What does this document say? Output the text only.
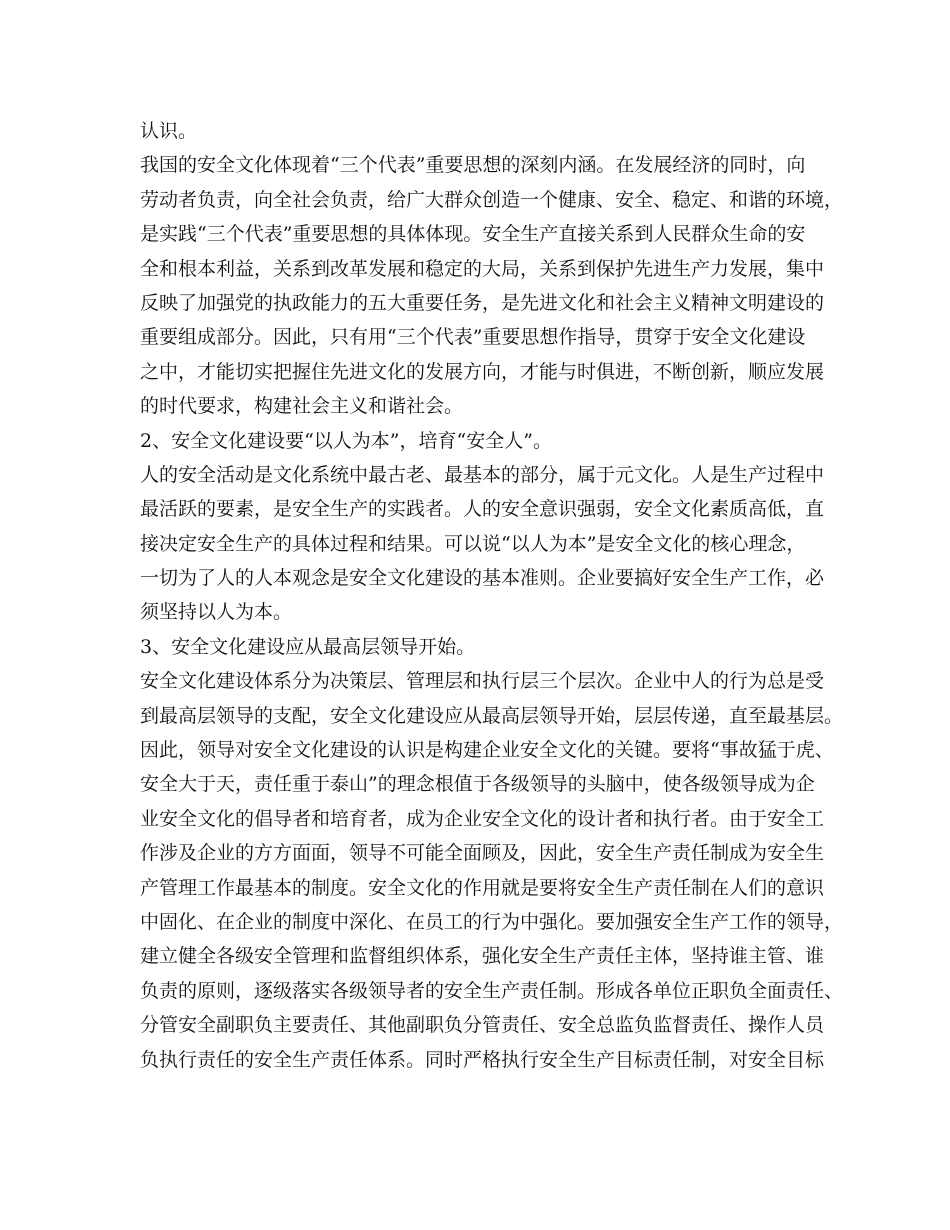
认识。
我国的安全文化体现着“三个代表”重要思想的深刻内涵。在发展经济的同时，向
劳动者负责，向全社会负责，给广大群众创造一个健康、安全、稳定、和谐的环境，
是实践“三个代表”重要思想的具体体现。安全生产直接关系到人民群众生命的安
全和根本利益，关系到改革发展和稳定的大局，关系到保护先进生产力发展，集中
反映了加强党的执政能力的五大重要任务，是先进文化和社会主义精神文明建设的
重要组成部分。因此，只有用“三个代表”重要思想作指导，贯穿于安全文化建设
之中，才能切实把握住先进文化的发展方向，才能与时俱进，不断创新，顺应发展
的时代要求，构建社会主义和谐社会。
2、安全文化建设要“以人为本”，培育“安全人”。
人的安全活动是文化系统中最古老、最基本的部分，属于元文化。人是生产过程中
最活跃的要素，是安全生产的实践者。人的安全意识强弱，安全文化素质高低，直
接决定安全生产的具体过程和结果。可以说“以人为本”是安全文化的核心理念，
一切为了人的人本观念是安全文化建设的基本准则。企业要搞好安全生产工作，必
须坚持以人为本。
3、安全文化建设应从最高层领导开始。
安全文化建设体系分为决策层、管理层和执行层三个层次。企业中人的行为总是受
到最高层领导的支配，安全文化建设应从最高层领导开始，层层传递，直至最基层。
因此，领导对安全文化建设的认识是构建企业安全文化的关键。要将“事故猛于虎、
安全大于天，责任重于泰山”的理念根值于各级领导的头脑中，使各级领导成为企
业安全文化的倡导者和培育者，成为企业安全文化的设计者和执行者。由于安全工
作涉及企业的方方面面，领导不可能全面顾及，因此，安全生产责任制成为安全生
产管理工作最基本的制度。安全文化的作用就是要将安全生产责任制在人们的意识
中固化、在企业的制度中深化、在员工的行为中强化。要加强安全生产工作的领导，
建立健全各级安全管理和监督组织体系，强化安全生产责任主体，坚持谁主管、谁
负责的原则，逐级落实各级领导者的安全生产责任制。形成各单位正职负全面责任、
分管安全副职负主要责任、其他副职负分管责任、安全总监负监督责任、操作人员
负执行责任的安全生产责任体系。同时严格执行安全生产目标责任制，对安全目标
